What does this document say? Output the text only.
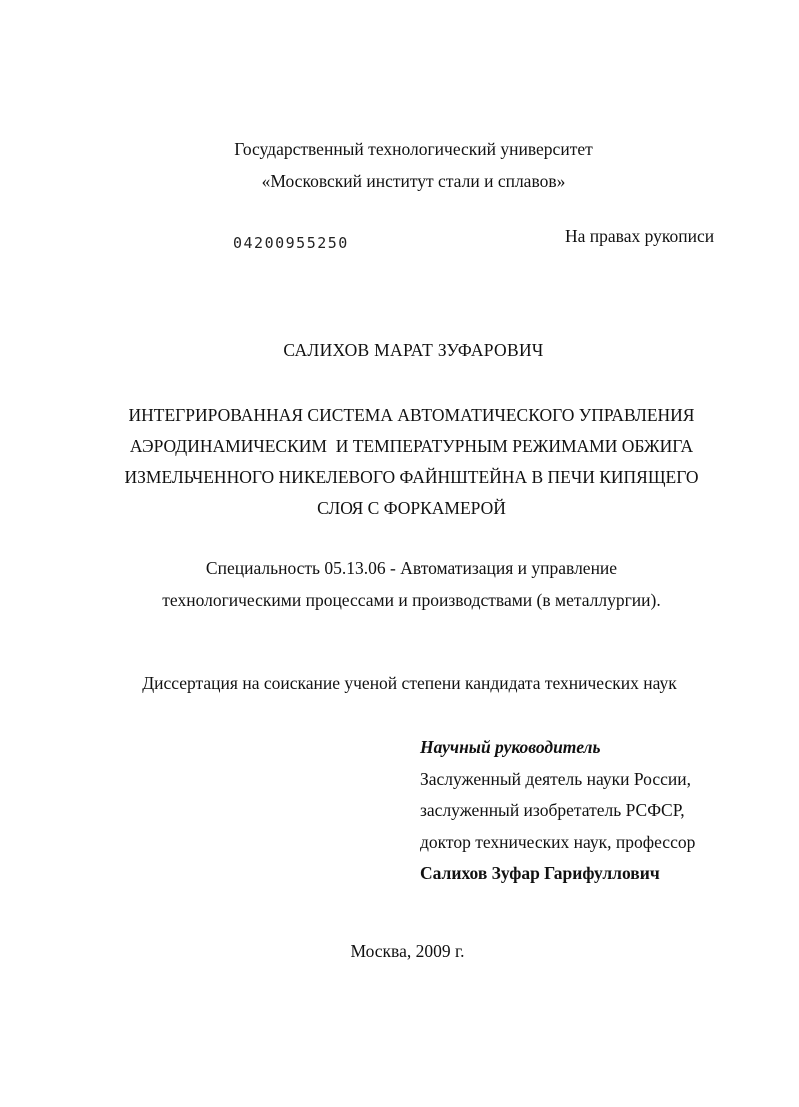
Государственный технологический университет
«Московский институт стали и сплавов»
04200955250	На правах рукописи
САЛИХОВ МАРАТ ЗУФАРОВИЧ
ИНТЕГРИРОВАННАЯ СИСТЕМА АВТОМАТИЧЕСКОГО УПРАВЛЕНИЯ
АЭРОДИНАМИЧЕСКИМ  И ТЕМПЕРАТУРНЫМ РЕЖИМАМИ ОБЖИГА
ИЗМЕЛЬЧЕННОГО НИКЕЛЕВОГО ФАЙНШТЕЙНА В ПЕЧИ КИПЯЩЕГО
СЛОЯ С ФОРКАМЕРОЙ
Специальность 05.13.06 - Автоматизация и управление
технологическими процессами и производствами (в металлургии).
Диссертация на соискание ученой степени кандидата технических наук
Научный руководитель
Заслуженный деятель науки России,
заслуженный изобретатель РСФСР,
доктор технических наук, профессор
Салихов Зуфар Гарифуллович
Москва, 2009 г.
